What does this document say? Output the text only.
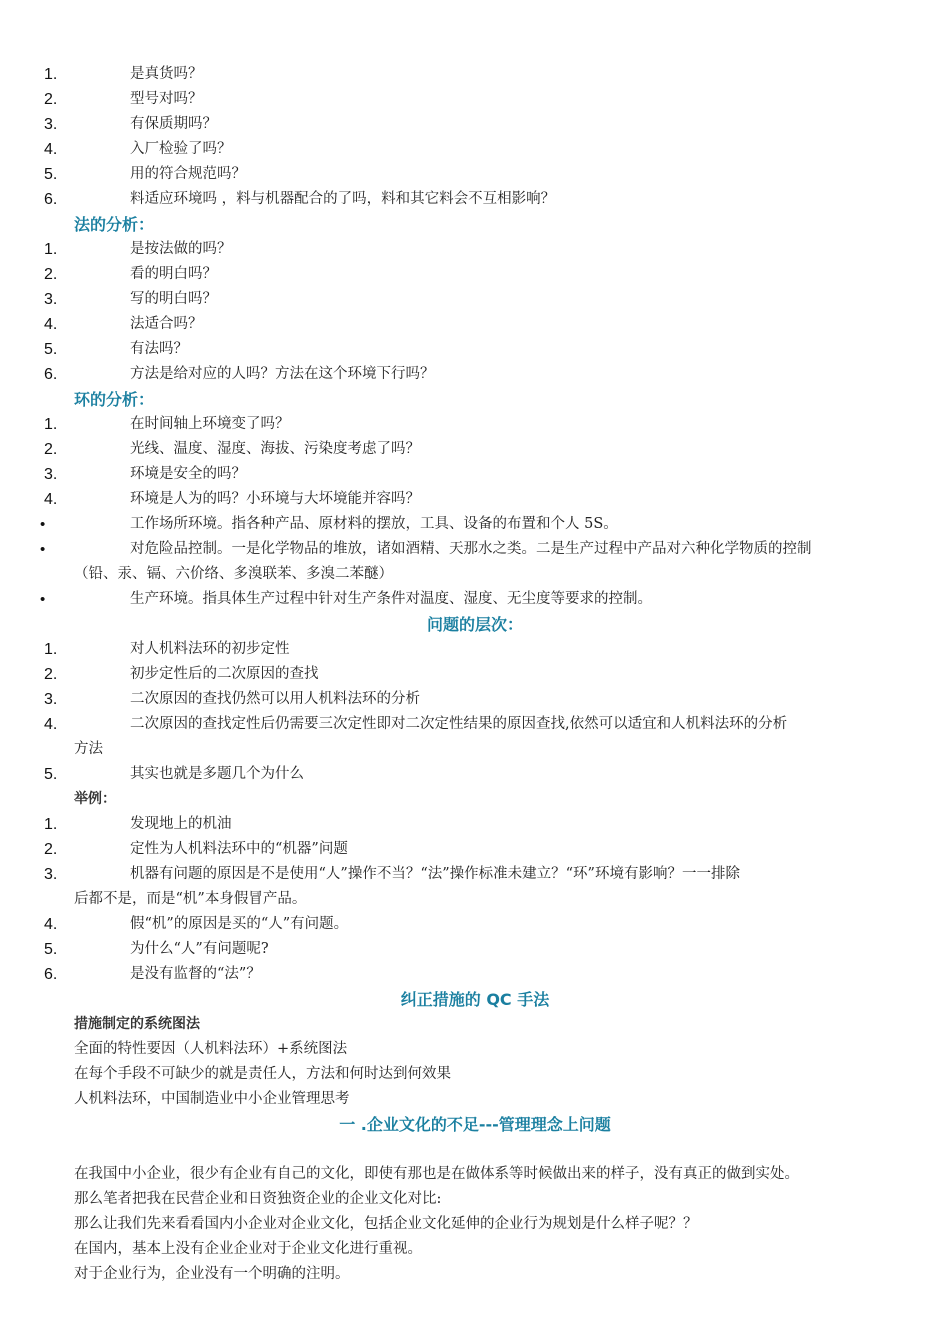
1.	是真货吗？
2.	型号对吗？
3.	有保质期吗？
4.	入厂检验了吗？
5.	用的符合规范吗？
6.	料适应环境吗 ，料与机器配合的了吗，料和其它料会不互相影响？
法的分析：
1.	是按法做的吗？
2.	看的明白吗？
3.	写的明白吗？
4.	法适合吗？
5.	有法吗？
6.	方法是给对应的人吗？方法在这个环境下行吗？
环的分析：
1.	在时间轴上环境变了吗？
2.	光线、温度、湿度、海拔、污染度考虑了吗？
3.	环境是安全的吗？
4.	环境是人为的吗？小环境与大坏境能并容吗？
•	工作场所环境。指各种产品、原材料的摆放，工具、设备的布置和个人 5S。
•	对危险品控制。一是化学物品的堆放，诸如酒精、天那水之类。二是生产过程中产品对六种化学物质的控制
（铅、汞、镉、六价络、多溴联苯、多溴二苯醚）
•	生产环境。指具体生产过程中针对生产条件对温度、湿度、无尘度等要求的控制。
问题的层次：
1.	对人机料法环的初步定性
2.	初步定性后的二次原因的查找
3.	二次原因的查找仍然可以用人机料法环的分析
4.	二次原因的查找定性后仍需要三次定性即对二次定性结果的原因查找,依然可以适宜和人机料法环的分析
方法
5.	其实也就是多题几个为什么
举例：
1.	发现地上的机油
2.	定性为人机料法环中的“机器”问题
3.	机器有问题的原因是不是使用“人”操作不当？“法”操作标准未建立？“环”环境有影响？一一排除
后都不是，而是“机”本身假冒产品。
4.	假“机”的原因是买的“人”有问题。
5.	为什么“人”有问题呢?
6.	是没有监督的“法”？
纠正措施的 QC 手法
措施制定的系统图法
全面的特性要因（人机料法环）+系统图法
在每个手段不可缺少的就是责任人，方法和何时达到何效果
人机料法环，中国制造业中小企业管理思考
一 .企业文化的不足---管理理念上问题
在我国中小企业，很少有企业有自己的文化，即使有那也是在做体系等时候做出来的样子，没有真正的做到实处。
那么笔者把我在民营企业和日资独资企业的企业文化对比:
那么让我们先来看看国内小企业对企业文化，包括企业文化延伸的企业行为规划是什么样子呢？？
在国内，基本上没有企业企业对于企业文化进行重视。
对于企业行为，企业没有一个明确的注明。
